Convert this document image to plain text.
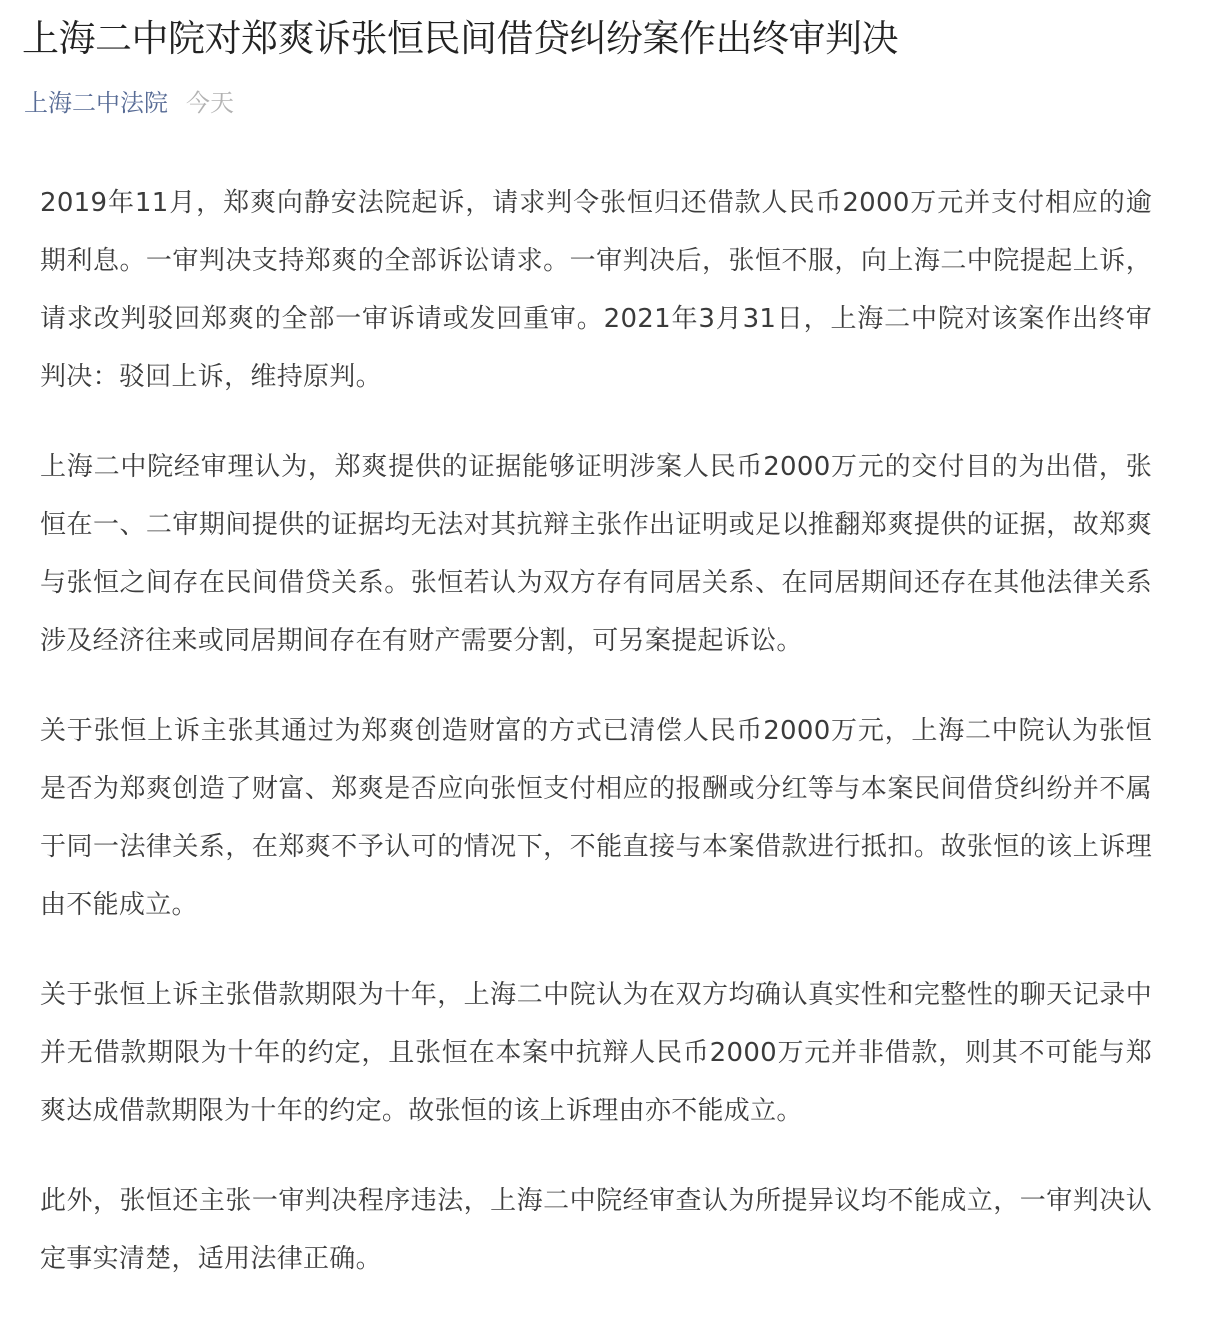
上海二中院对郑爽诉张恒民间借贷纠纷案作出终审判决
上海二中法院 今天

2019年11月，郑爽向静安法院起诉，请求判令张恒归还借款人民币2000万元并支付相应的逾期利息。一审判决支持郑爽的全部诉讼请求。一审判决后，张恒不服，向上海二中院提起上诉，请求改判驳回郑爽的全部一审诉请或发回重审。2021年3月31日，上海二中院对该案作出终审判决：驳回上诉，维持原判。

上海二中院经审理认为，郑爽提供的证据能够证明涉案人民币2000万元的交付目的为出借，张恒在一、二审期间提供的证据均无法对其抗辩主张作出证明或足以推翻郑爽提供的证据，故郑爽与张恒之间存在民间借贷关系。张恒若认为双方存有同居关系、在同居期间还存在其他法律关系涉及经济往来或同居期间存在有财产需要分割，可另案提起诉讼。

关于张恒上诉主张其通过为郑爽创造财富的方式已清偿人民币2000万元，上海二中院认为张恒是否为郑爽创造了财富、郑爽是否应向张恒支付相应的报酬或分红等与本案民间借贷纠纷并不属于同一法律关系，在郑爽不予认可的情况下，不能直接与本案借款进行抵扣。故张恒的该上诉理由不能成立。

关于张恒上诉主张借款期限为十年，上海二中院认为在双方均确认真实性和完整性的聊天记录中并无借款期限为十年的约定，且张恒在本案中抗辩人民币2000万元并非借款，则其不可能与郑爽达成借款期限为十年的约定。故张恒的该上诉理由亦不能成立。

此外，张恒还主张一审判决程序违法，上海二中院经审查认为所提异议均不能成立，一审判决认定事实清楚，适用法律正确。
